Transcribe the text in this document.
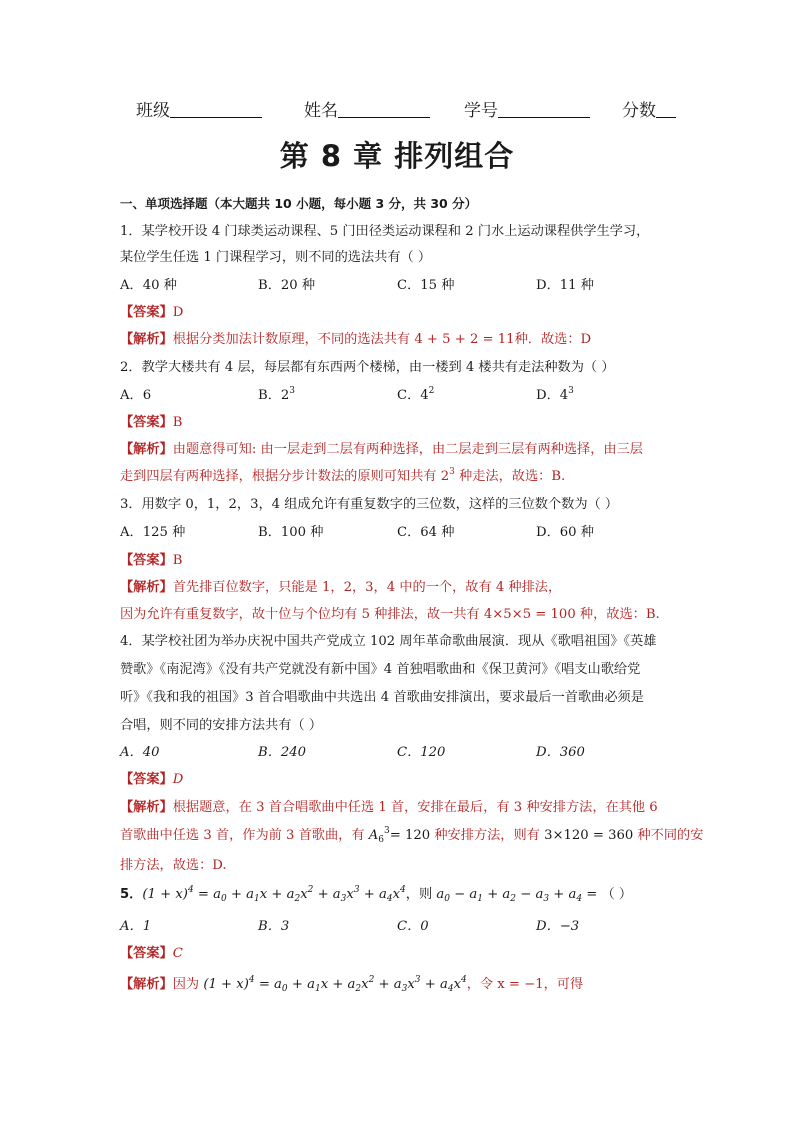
班级	姓名	学号	分数
第 8 章 排列组合
一、单项选择题（本大题共 10 小题，每小题 3 分，共 30 分）
1．某学校开设 4 门球类运动课程、5 门田径类运动课程和 2 门水上运动课程供学生学习，
某位学生任选 1 门课程学习，则不同的选法共有（ ）
A．40 种	B．20 种	C．15 种	D．11 种
【答案】D
【解析】根据分类加法计数原理，不同的选法共有 4 + 5 + 2 = 11种．故选：D
2．教学大楼共有 4 层，每层都有东西两个楼梯，由一楼到 4 楼共有走法种数为（ ）
A．6	B．$2^3$	C．$4^2$	D．$4^3$
【答案】B
【解析】由题意得可知: 由一层走到二层有两种选择，由二层走到三层有两种选择，由三层
走到四层有两种选择，根据分步计数法的原则可知共有 $2^3$ 种走法，故选：B.
3．用数字 0，1，2，3，4 组成允许有重复数字的三位数，这样的三位数个数为（ ）
A．125 种	B．100 种	C．64 种	D．60 种
【答案】B
【解析】首先排百位数字，只能是 1，2，3，4 中的一个，故有 4 种排法，
因为允许有重复数字，故十位与个位均有 5 种排法，故一共有 4×5×5 = 100 种，故选：B.
4．某学校社团为举办庆祝中国共产党成立 102 周年革命歌曲展演．现从《歌唱祖国》《英雄
赞歌》《南泥湾》《没有共产党就没有新中国》4 首独唱歌曲和《保卫黄河》《唱支山歌给党
听》《我和我的祖国》3 首合唱歌曲中共选出 4 首歌曲安排演出，要求最后一首歌曲必须是
合唱，则不同的安排方法共有（ ）
A．40	B．240	C．120	D．360
【答案】D
【解析】根据题意，在 3 首合唱歌曲中任选 1 首，安排在最后，有 3 种安排方法，在其他 6
首歌曲中任选 3 首，作为前 3 首歌曲，有 $A_6^3= 120$ 种安排方法，则有 3×120 = 360 种不同的安
排方法，故选：D.
5．$(1 + x)^4 = a_0 + a_1x + a_2x^2 + a_3x^3 + a_4x^4$，则 $a_0 - a_1 + a_2 - a_3 + a_4$ = （ ）
A．1	B．3	C．0	D．−3
【答案】C
【解析】因为 $(1 + x)^4 = a_0 + a_1x + a_2x^2 + a_3x^3 + a_4x^4$，令 x = −1，可得
